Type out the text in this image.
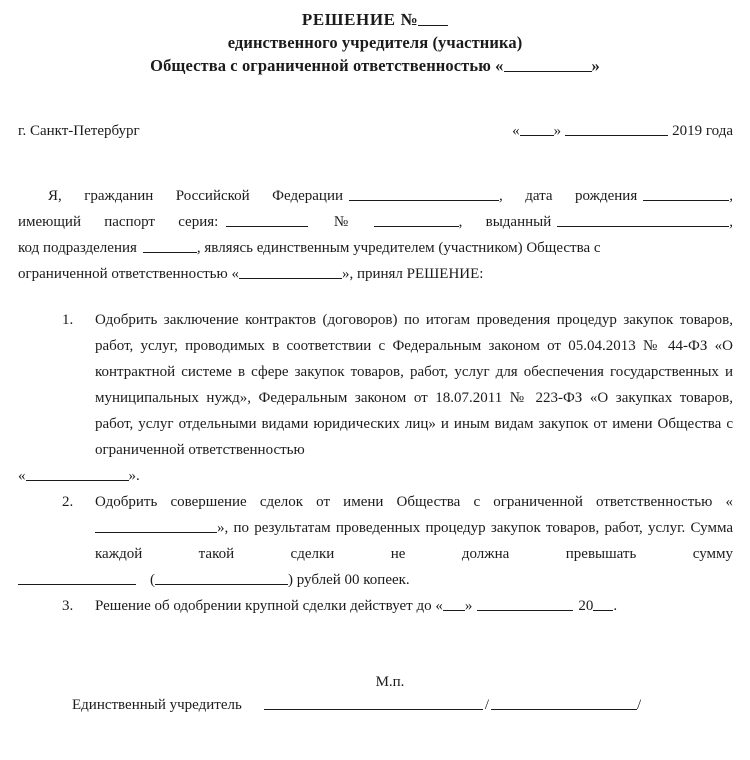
РЕШЕНИЕ №
единственного учредителя (участника)
Общества с ограниченной ответственностью «	»
г. Санкт-Петербург	« »	2019 года

Я, гражданин Российской Федерации	, дата рождения	,

имеющий паспорт серия:	№	, выданный	,

код подразделения	, являясь единственным учредителем (участником) Общества с

ограниченной ответственностью «	», принял РЕШЕНИЕ:

1.	Одобрить заключение контрактов (договоров) по итогам проведения процедур закупок товаров, работ, услуг, проводимых в соответствии с Федеральным законом от 05.04.2013 № 44-ФЗ «О контрактной системе в сфере закупок товаров, работ, услуг для обеспечения государственных и муниципальных нужд», Федеральным законом от 18.07.2011 № 223-ФЗ «О закупках товаров, работ, услуг отдельными видами юридических лиц» и иным видам закупок от имени Общества с ограниченной ответственностью

«	».

2.	Одобрить совершение сделок от имени Общества с ограниченной ответственностью «», по результатам проведенных процедур закупок товаров, работ, услуг. Сумма каждой такой сделки не должна превышать сумму

(	) рублей 00 копеек.

3.	Решение об одобрении крупной сделки действует до « »	20 .

Единственный учредитель	/	/

М.п.
